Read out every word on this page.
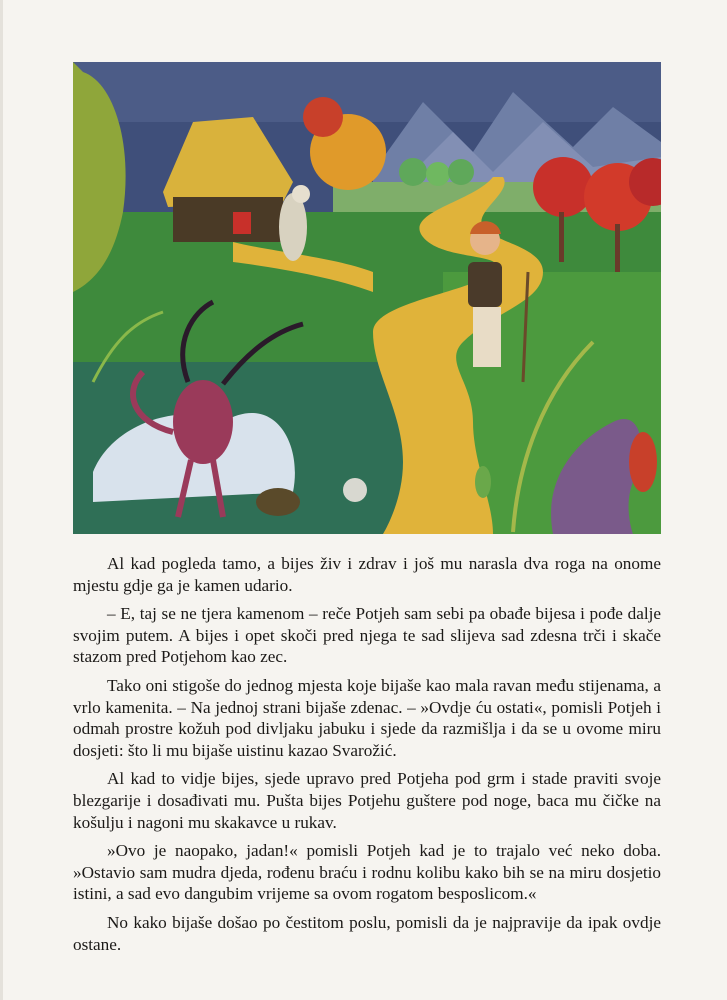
Al kad pogleda tamo, a bijes živ i zdrav i još mu narasla dva roga na onome mjestu gdje ga je kamen udario.

– E, taj se ne tjera kamenom – reče Potjeh sam sebi pa obađe bijesa i pođe dalje svojim putem. A bijes i opet skoči pred njega te sad slijeva sad zdesna trči i skače stazom pred Potjehom kao zec.

Tako oni stigoše do jednog mjesta koje bijaše kao mala ravan među stijenama, a vrlo kamenita. – Na jednoj strani bijaše zdenac. – »Ovdje ću ostati«, pomisli Potjeh i odmah prostre kožuh pod divljaku jabuku i sjede da razmišlja i da se u ovome miru dosjeti: što li mu bijaše uistinu kazao Svarožić.

Al kad to vidje bijes, sjede upravo pred Potjeha pod grm i stade praviti svoje blezgarije i dosađivati mu. Pušta bijes Potjehu guštere pod noge, baca mu čičke na košulju i nagoni mu skakavce u rukav.

»Ovo je naopako, jadan!« pomisli Potjeh kad je to trajalo već neko doba. »Ostavio sam mudra djeda, rođenu braću i rodnu kolibu kako bih se na miru dosjetio istini, a sad evo dangubim vrijeme sa ovom rogatom besposlicom.«

No kako bijaše došao po čestitom poslu, pomisli da je najpravije da ipak ovdje ostane.
